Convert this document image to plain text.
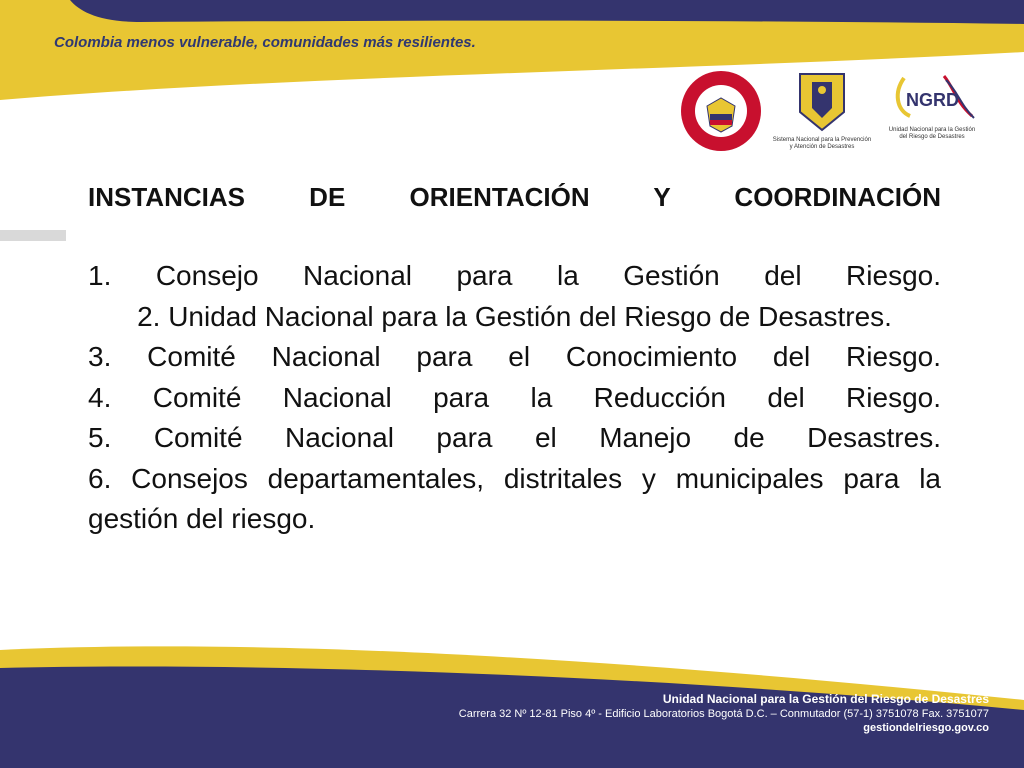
Colombia menos vulnerable, comunidades más resilientes.
Sistema Nacional para la Prevención
y Atención de Desastres
NGRD
Unidad Nacional para la Gestión
del Riesgo de Desastres
INSTANCIAS DE ORIENTACIÓN Y COORDINACIÓN
1. Consejo Nacional para la Gestión del Riesgo.
2. Unidad Nacional para la Gestión del Riesgo de Desastres.
3. Comité Nacional para el Conocimiento del Riesgo.
4. Comité Nacional para la Reducción del Riesgo.
5. Comité Nacional para el Manejo de Desastres.
6. Consejos departamentales, distritales y municipales para la gestión del riesgo.
Unidad Nacional para la Gestión del Riesgo de Desastres
Carrera 32 Nº 12-81 Piso 4º - Edificio Laboratorios Bogotá D.C. – Conmutador (57-1) 3751078 Fax. 3751077
gestiondelriesgo.gov.co
